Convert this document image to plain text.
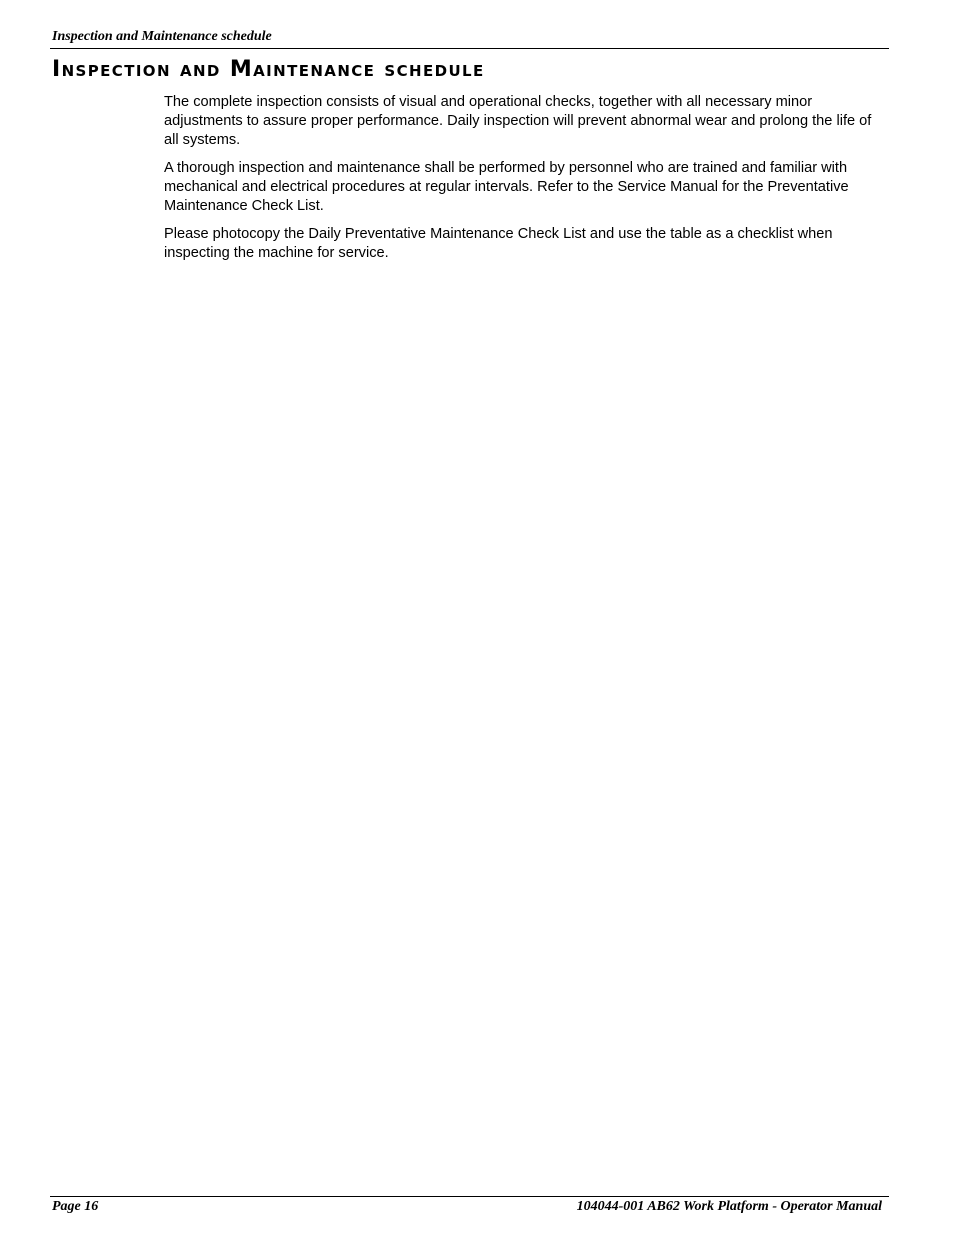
Inspection and Maintenance schedule
Inspection and Maintenance schedule

The complete inspection consists of visual and operational checks, together with all necessary minor adjustments to assure proper performance. Daily inspection will prevent abnormal wear and prolong the life of all systems.

A thorough inspection and maintenance shall be performed by personnel who are trained and familiar with mechanical and electrical procedures at regular intervals. Refer to the Service Manual for the Preventative Maintenance Check List.

Please photocopy the Daily Preventative Maintenance Check List and use the table as a checklist when inspecting the machine for service.

Page 16	104044-001 AB62 Work Platform - Operator Manual
